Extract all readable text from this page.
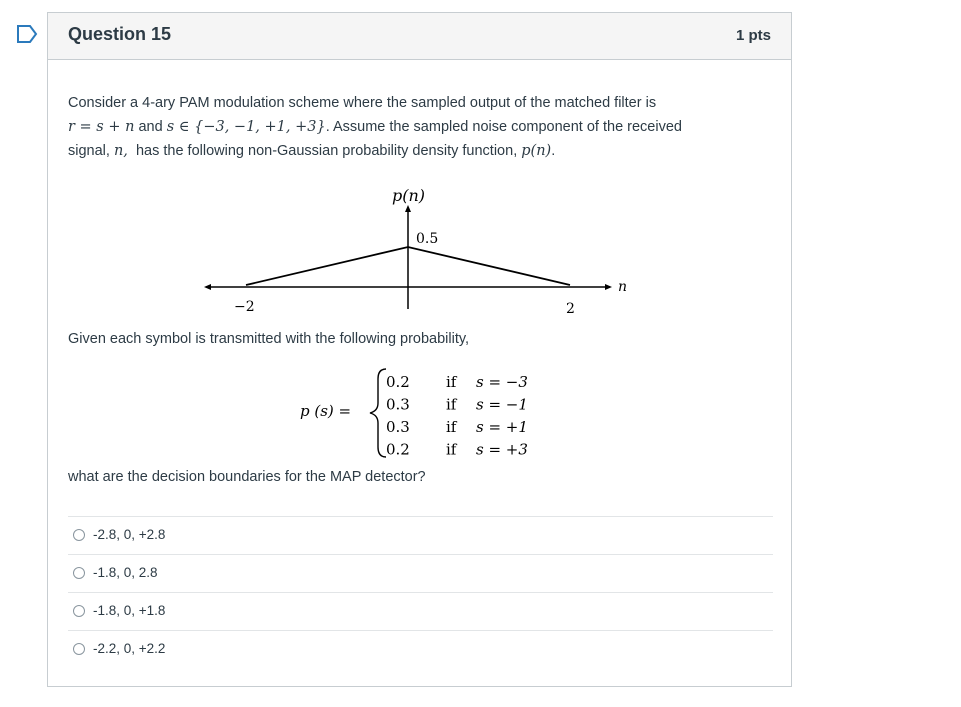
Question 15	1 pts

Consider a 4-ary PAM modulation scheme where the sampled output of the matched filter is

r = s + n and s ∈ {−3, −1, +1, +3}. Assume the sampled noise component of the received

signal, n,  has the following non-Gaussian probability density function, p(n).

p(n)
0.5
n
−2	2
Given each symbol is transmitted with the following probability,
p (s) =
0.2 if s = −3
0.3 if s = −1
0.3 if s = +1
0.2 if s = +3
what are the decision boundaries for the MAP detector?
-2.8, 0, +2.8
-1.8, 0, 2.8
-1.8, 0, +1.8
-2.2, 0, +2.2
